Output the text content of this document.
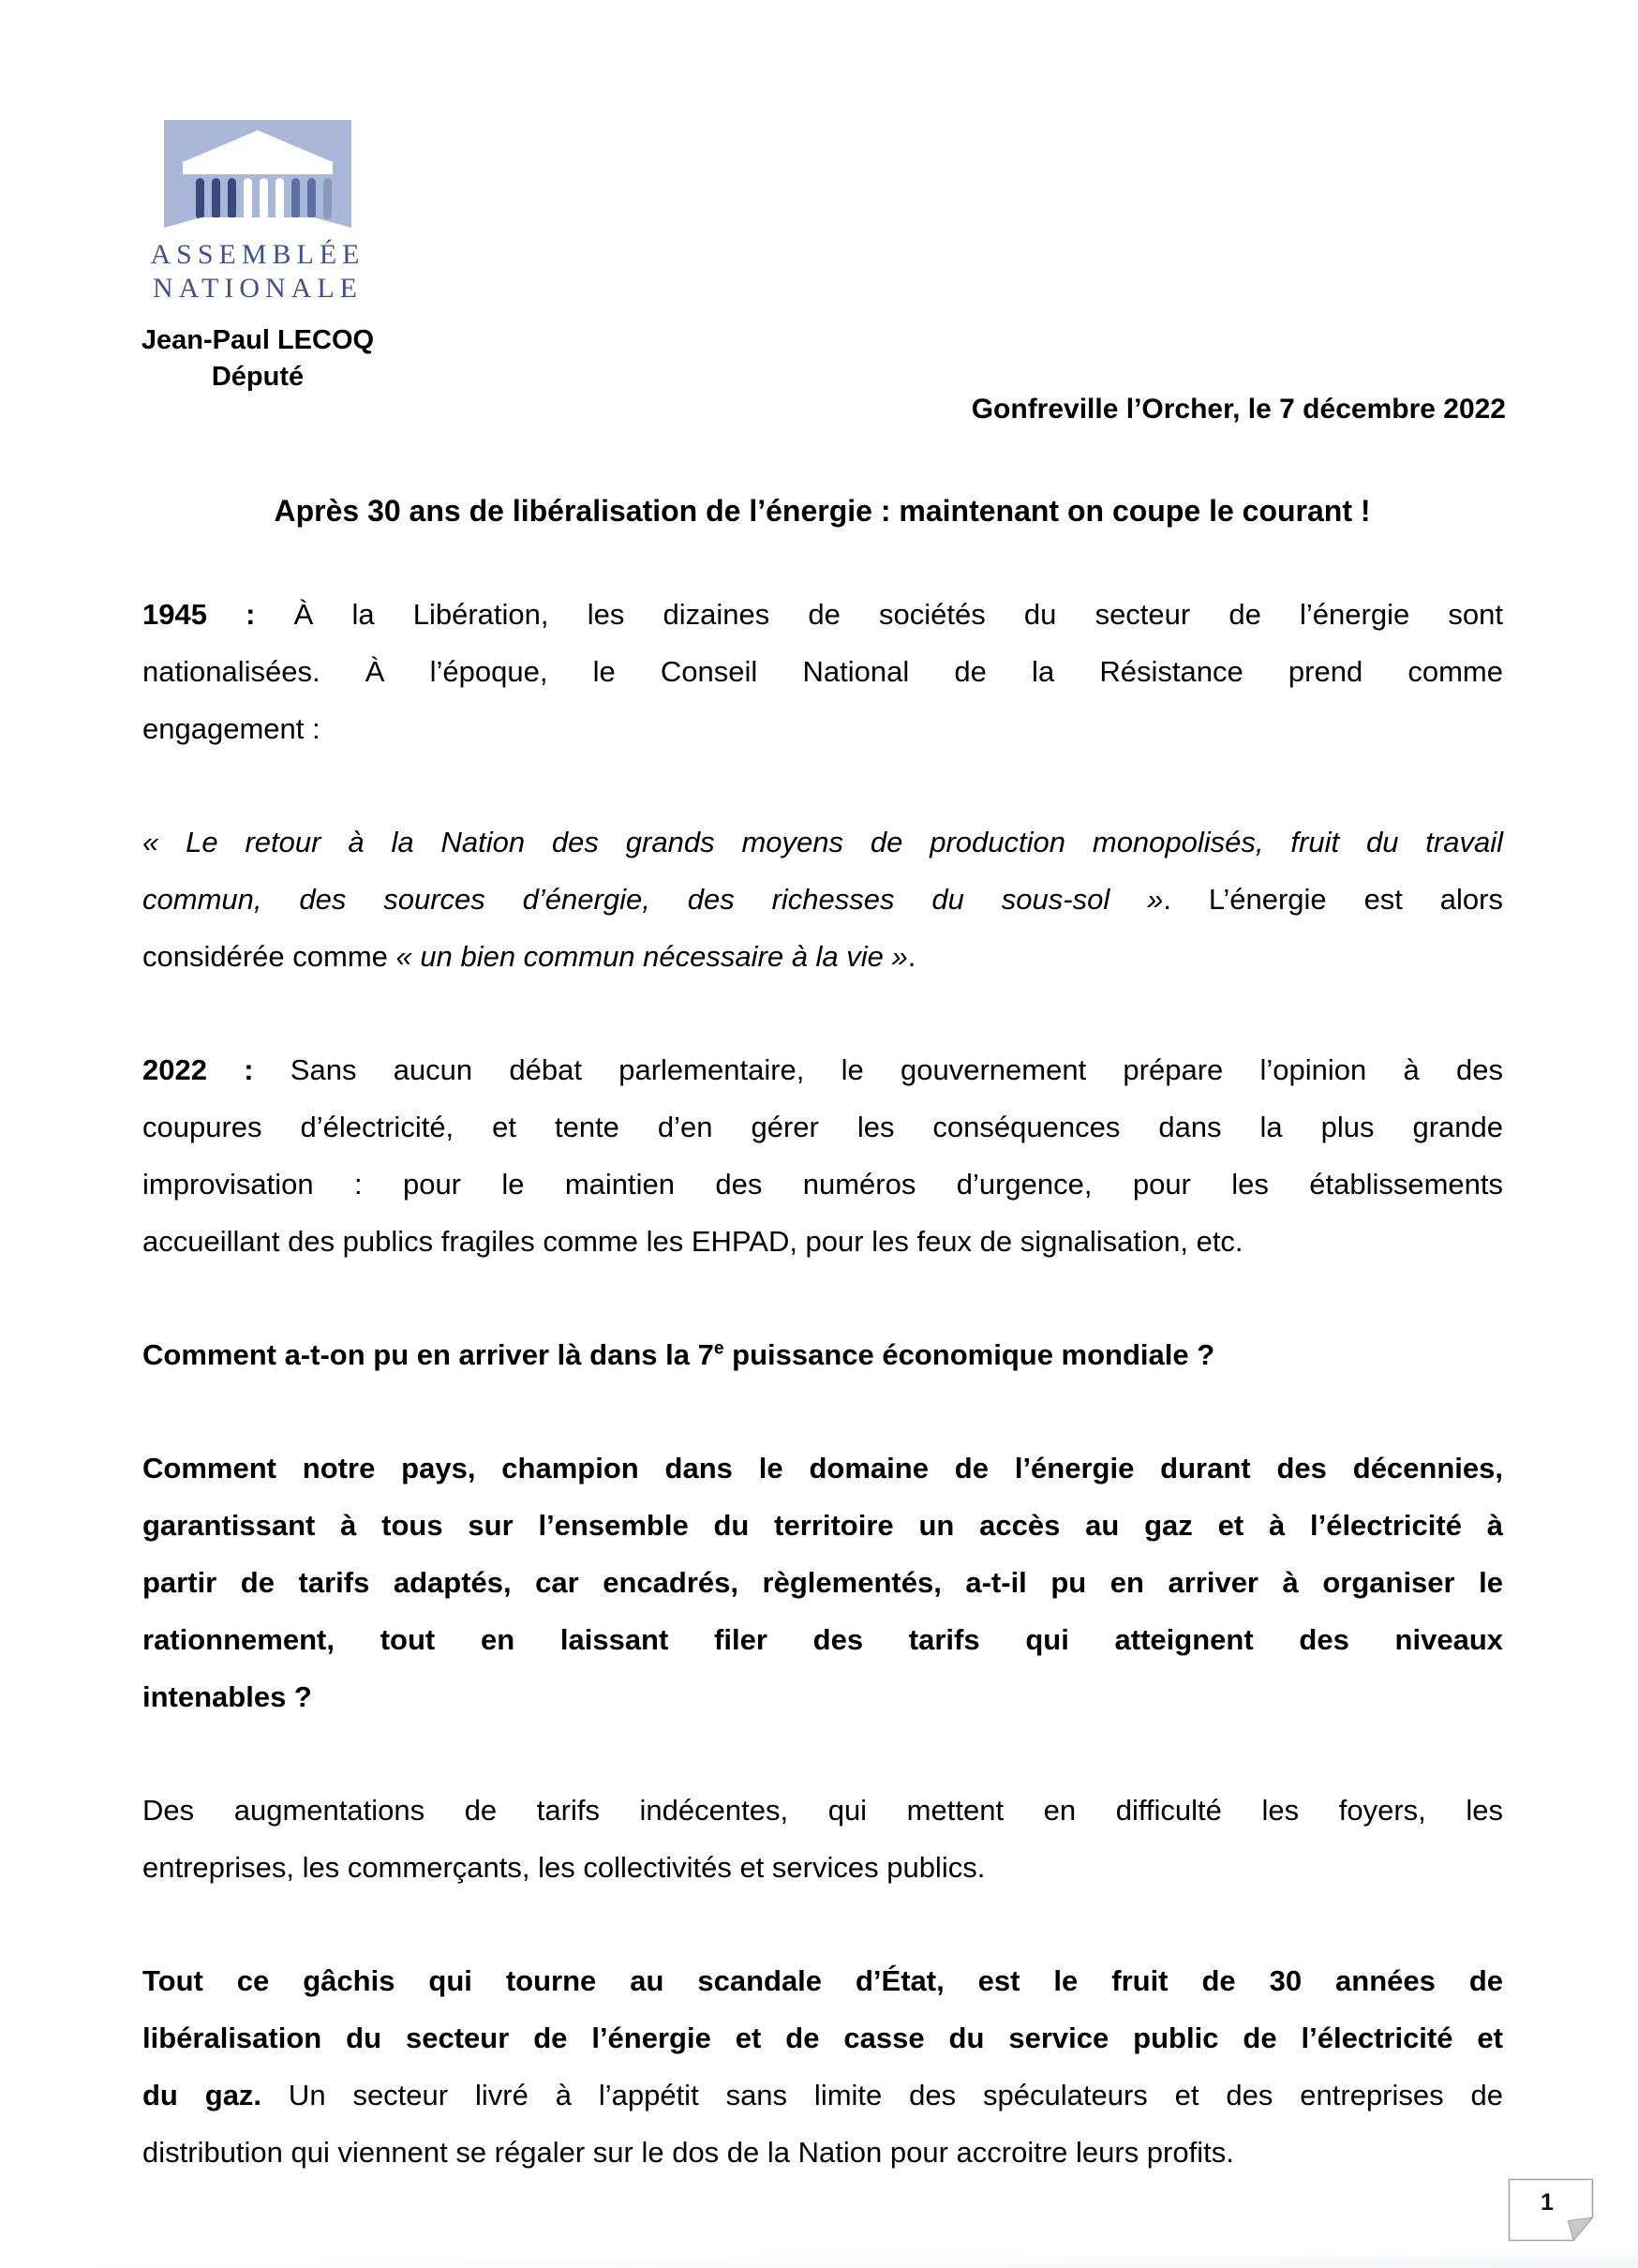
ASSEMBLÉE
NATIONALE
Jean-Paul LECOQ
Député
Gonfreville l’Orcher, le 7 décembre 2022
Après 30 ans de libéralisation de l’énergie : maintenant on coupe le courant !
1945 : À la Libération, les dizaines de sociétés du secteur de l’énergie sont
nationalisées. À l’époque, le Conseil National de la Résistance prend comme
engagement :
« Le retour à la Nation des grands moyens de production monopolisés, fruit du travail
commun, des sources d’énergie, des richesses du sous-sol ». L’énergie est alors
considérée comme « un bien commun nécessaire à la vie ».
2022 : Sans aucun débat parlementaire, le gouvernement prépare l’opinion à des
coupures d’électricité, et tente d’en gérer les conséquences dans la plus grande
improvisation : pour le maintien des numéros d’urgence, pour les établissements
accueillant des publics fragiles comme les EHPAD, pour les feux de signalisation, etc.
Comment a-t-on pu en arriver là dans la 7e puissance économique mondiale ?
Comment notre pays, champion dans le domaine de l’énergie durant des décennies,
garantissant à tous sur l’ensemble du territoire un accès au gaz et à l’électricité à
partir de tarifs adaptés, car encadrés, règlementés, a-t-il pu en arriver à organiser le
rationnement, tout en laissant filer des tarifs qui atteignent des niveaux
intenables ?
Des augmentations de tarifs indécentes, qui mettent en difficulté les foyers, les
entreprises, les commerçants, les collectivités et services publics.
Tout ce gâchis qui tourne au scandale d’État, est le fruit de 30 années de
libéralisation du secteur de l’énergie et de casse du service public de l’électricité et
du gaz. Un secteur livré à l’appétit sans limite des spéculateurs et des entreprises de
distribution qui viennent se régaler sur le dos de la Nation pour accroitre leurs profits.
1
